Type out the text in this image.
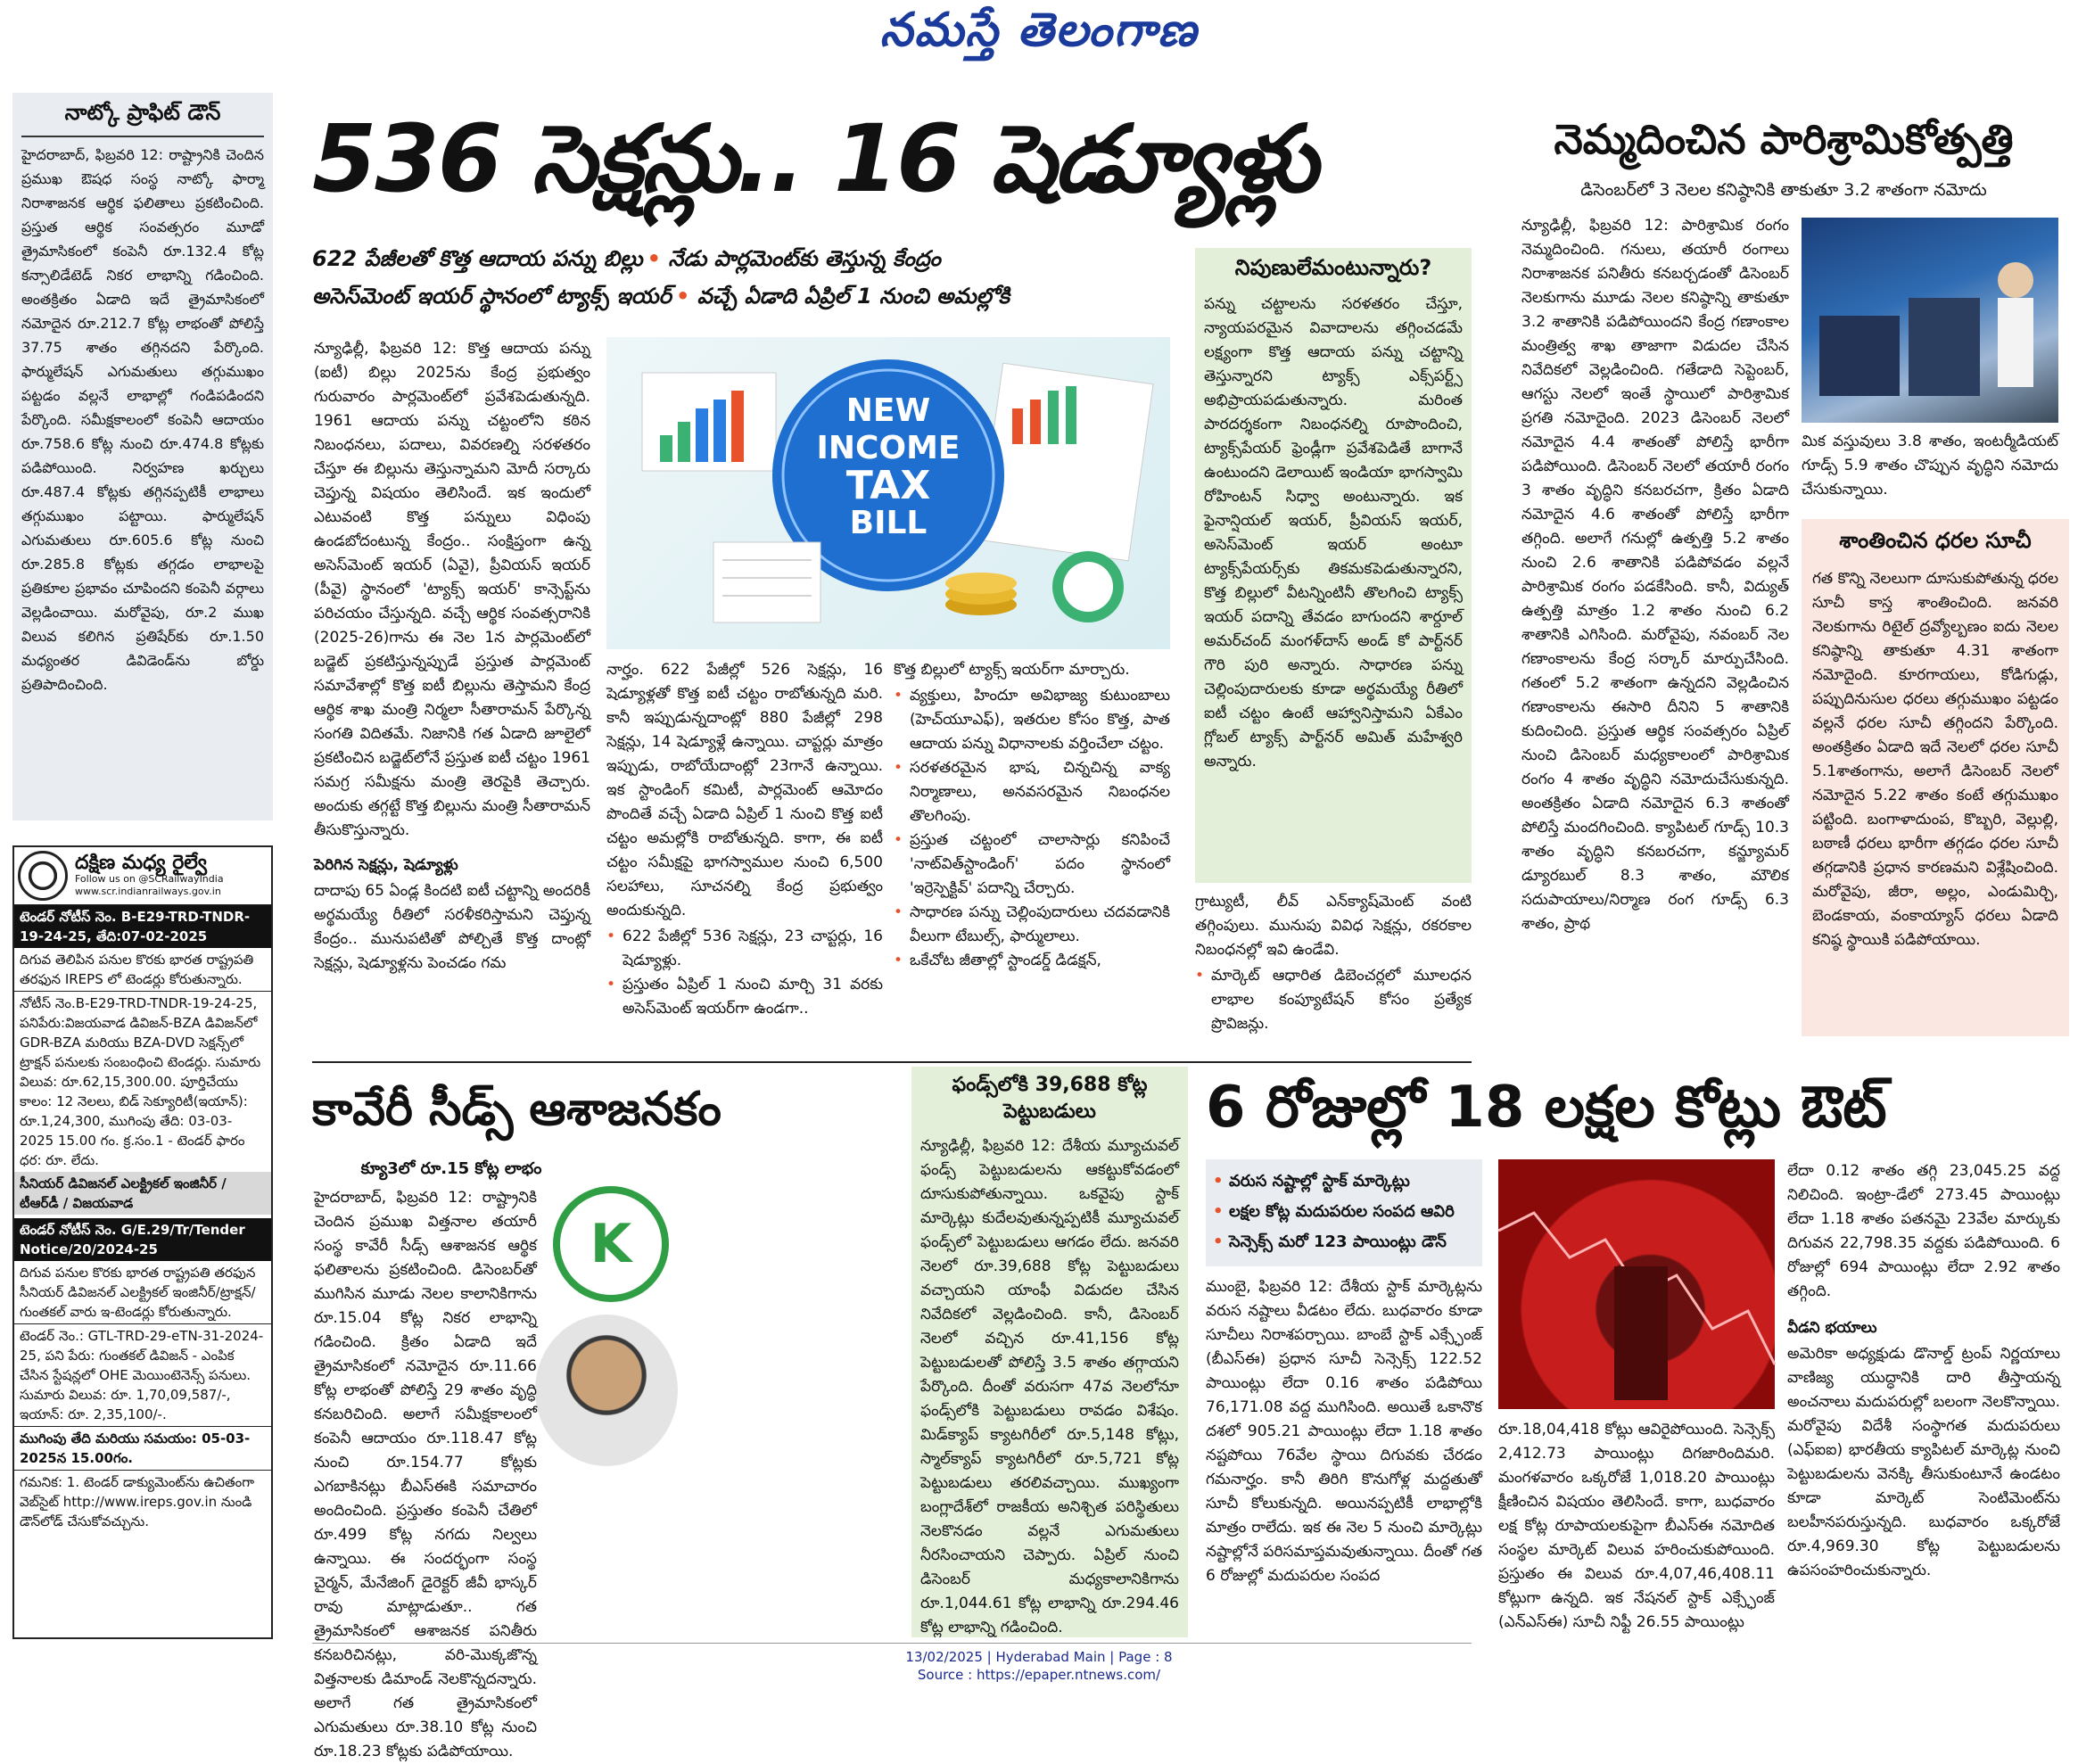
నమస్తే తెలంగాణ
నాట్కో ప్రాఫిట్ డౌన్
హైదరాబాద్, ఫిబ్రవరి 12: రాష్ట్రానికి చెందిన ప్రముఖ ఔషధ సంస్థ నాట్కో ఫార్మా నిరాశాజనక ఆర్థిక ఫలితాలు ప్రకటించింది. ప్రస్తుత ఆర్థిక సంవత్సరం మూడో త్రైమాసికంలో కంపెనీ రూ.132.4 కోట్ల కన్సాలిడేటెడ్ నికర లాభాన్ని గడించింది. అంతక్రితం ఏడాది ఇదే త్రైమాసికంలో నమోదైన రూ.212.7 కోట్ల లాభంతో పోలిస్తే 37.75 శాతం తగ్గినదని పేర్కొంది. ఫార్ములేషన్ ఎగుమతులు తగ్గుముఖం పట్టడం వల్లనే లాభాల్లో గండిపడిందని పేర్కొంది. సమీక్షకాలంలో కంపెనీ ఆదాయం రూ.758.6 కోట్ల నుంచి రూ.474.8 కోట్లకు పడిపోయింది. నిర్వహణ ఖర్చులు రూ.487.4 కోట్లకు తగ్గినప్పటికీ లాభాలు తగ్గుముఖం పట్టాయి. ఫార్ములేషన్ ఎగుమతులు రూ.605.6 కోట్ల నుంచి రూ.285.8 కోట్లకు తగ్గడం లాభాలపై ప్రతికూల ప్రభావం చూపిందని కంపెనీ వర్గాలు వెల్లడించాయి. మరోవైపు, రూ.2 ముఖ విలువ కలిగిన ప్రతిషేర్‌కు రూ.1.50 మధ్యంతర డివిడెండ్‌ను బోర్డు ప్రతిపాదించింది.
దక్షిణ మధ్య రైల్వే
Follow us on @SCRailwayIndia
www.scr.indianrailways.gov.in
టెండర్ నోటీస్ నెం. B-E29-TRD-TNDR-19-24-25, తేది:07-02-2025
దిగువ తెలిపిన పనుల కొరకు భారత రాష్ట్రపతి తరఫున IREPS లో టెండర్లు కోరుతున్నారు.
నోటీస్ నెం.B-E29-TRD-TNDR-19-24-25, పనిపేరు:విజయవాడ డివిజన్-BZA డివిజన్‌లో GDR-BZA మరియు BZA-DVD సెక్షన్స్‌లో ట్రాక్షన్ పనులకు సంబంధించి టెండర్లు. సుమారు విలువ: రూ.62,15,300.00. పూర్తిచేయు కాలం: 12 నెలలు, బిడ్ సెక్యూరిటీ(ఇయాన్): రూ.1,24,300, ముగింపు తేది: 03-03-2025 15.00 గం. క్ర.సం.1 - టెండర్ ఫారం ధర: రూ. లేదు.
సీనియర్ డివిజనల్ ఎలక్ట్రికల్ ఇంజినీర్ / టీఆర్‌డీ / విజయవాడ
టెండర్ నోటీస్ నెం. G/E.29/Tr/Tender Notice/20/2024-25
దిగువ పనుల కొరకు భారత రాష్ట్రపతి తరఫున సీనియర్ డివిజనల్ ఎలక్ట్రికల్ ఇంజినీర్/ట్రాక్షన్/గుంతకల్ వారు ఇ-టెండర్లు కోరుతున్నారు.
టెండర్ నెం.: GTL-TRD-29-eTN-31-2024-25, పని పేరు: గుంతకల్ డివిజన్ - ఎంపిక చేసిన స్టేషన్లలో OHE మెయింటెనెన్స్ పనులు. సుమారు విలువ: రూ. 1,70,09,587/-, ఇయాన్: రూ. 2,35,100/-.
ముగింపు తేది మరియు సమయం: 05-03-2025న 15.00గం.
గమనిక: 1. టెండర్ డాక్యుమెంట్‌ను ఉచితంగా వెబ్‌సైట్ http://www.ireps.gov.in నుండి డౌన్‌లోడ్ చేసుకోవచ్చును.
536 సెక్షన్లు.. 16 షెడ్యూళ్లు
622 పేజీలతో కొత్త ఆదాయ పన్ను బిల్లు • నేడు పార్లమెంట్‌కు తెస్తున్న కేంద్రం
అసెస్‌మెంట్ ఇయర్ స్థానంలో ట్యాక్స్ ఇయర్ • వచ్చే ఏడాది ఏప్రిల్ 1 నుంచి అమల్లోకి

న్యూఢిల్లీ, ఫిబ్రవరి 12: కొత్త ఆదాయ పన్ను (ఐటీ) బిల్లు 2025ను కేంద్ర ప్రభుత్వం గురువారం పార్లమెంట్‌లో ప్రవేశపెడుతున్నది. 1961 ఆదాయ పన్ను చట్టంలోని కఠిన నిబంధనలు, పదాలు, వివరణల్ని సరళతరం చేస్తూ ఈ బిల్లును తెస్తున్నామని మోదీ సర్కారు చెప్తున్న విషయం తెలిసిందే. ఇక ఇందులో ఎటువంటి కొత్త పన్నులు విధింపు ఉండబోదంటున్న కేంద్రం.. సంక్షిప్తంగా ఉన్న అసెస్‌మెంట్ ఇయర్ (ఏవై), ప్రీవియస్ ఇయర్ (పీవై) స్థానంలో 'ట్యాక్స్ ఇయర్' కాన్సెప్ట్‌ను పరిచయం చేస్తున్నది. వచ్చే ఆర్థిక సంవత్సరానికి (2025-26)గాను ఈ నెల 1న పార్లమెంట్‌లో బడ్జెట్ ప్రకటిస్తున్నప్పుడే ప్రస్తుత పార్లమెంట్ సమావేశాల్లో కొత్త ఐటీ బిల్లును తెస్తామని కేంద్ర ఆర్థిక శాఖ మంత్రి నిర్మలా సీతారామన్ పేర్కొన్న సంగతి విదితమే. నిజానికి గత ఏడాది జూలైలో ప్రకటించిన బడ్జెట్‌లోనే ప్రస్తుత ఐటీ చట్టం 1961 సమగ్ర సమీక్షను మంత్రి తెరపైకి తెచ్చారు. అందుకు తగ్గట్టే కొత్త బిల్లును మంత్రి సీతారామన్ తీసుకొస్తున్నారు.

పెరిగిన సెక్షన్లు, షెడ్యూళ్లు

దాదాపు 65 ఏండ్ల కిందటి ఐటీ చట్టాన్ని అందరికీ అర్థమయ్యే రీతిలో సరళీకరిస్తామని చెప్తున్న కేంద్రం.. మునుపటితో పోల్చితే కొత్త దాంట్లో సెక్షన్లు, షెడ్యూళ్లను పెంచడం గమ

NEW
INCOME
TAX
BILL

నార్హం. 622 పేజీల్లో 526 సెక్షన్లు, 16 షెడ్యూళ్లతో కొత్త ఐటీ చట్టం రాబోతున్నది మరి. కానీ ఇప్పుడున్నదాంట్లో 880 పేజీల్లో 298 సెక్షన్లు, 14 షెడ్యూళ్లే ఉన్నాయి. చాప్టర్లు మాత్రం ఇప్పుడు, రాబోయేదాంట్లో 23గానే ఉన్నాయి. ఇక స్టాండింగ్ కమిటీ, పార్లమెంట్ ఆమోదం పొందితే వచ్చే ఏడాది ఏప్రిల్ 1 నుంచి కొత్త ఐటీ చట్టం అమల్లోకి రాబోతున్నది. కాగా, ఈ ఐటీ చట్టం సమీక్షపై భాగస్వాముల నుంచి 6,500 సలహాలు, సూచనల్ని కేంద్ర ప్రభుత్వం అందుకున్నది.

• 622 పేజీల్లో 536 సెక్షన్లు, 23 చాప్టర్లు, 16 షెడ్యూళ్లు.
• ప్రస్తుతం ఏప్రిల్ 1 నుంచి మార్చి 31 వరకు అసెస్‌మెంట్ ఇయర్‌గా ఉండగా..

కొత్త బిల్లులో ట్యాక్స్ ఇయర్‌గా మార్చారు.

• వ్యక్తులు, హిందూ అవిభాజ్య కుటుంబాలు (హెచ్‌యూఎఫ్), ఇతరుల కోసం కొత్త, పాత ఆదాయ పన్ను విధానాలకు వర్తించేలా చట్టం.
• సరళతరమైన భాష, చిన్నచిన్న వాక్య నిర్మాణాలు, అనవసరమైన నిబంధనల తొలగింపు.
• ప్రస్తుత చట్టంలో చాలాసార్లు కనిపించే 'నాట్‌విత్‌స్టాండింగ్' పదం స్థానంలో 'ఇర్రెస్పెక్టివ్' పదాన్ని చేర్చారు.
• సాధారణ పన్ను చెల్లింపుదారులు చదవడానికి వీలుగా టేబుల్స్, ఫార్ములాలు.
• ఒకేచోట జీతాల్లో స్టాండర్డ్ డిడక్షన్,
నిపుణులేమంటున్నారు?
పన్ను చట్టాలను సరళతరం చేస్తూ, న్యాయపరమైన వివాదాలను తగ్గించడమే లక్ష్యంగా కొత్త ఆదాయ పన్ను చట్టాన్ని తెస్తున్నారని ట్యాక్స్ ఎక్స్‌పర్ట్స్ అభిప్రాయపడుతున్నారు. మరింత పారదర్శకంగా నిబంధనల్ని రూపొందించి, ట్యాక్స్‌పేయర్ ఫ్రెండ్లీగా ప్రవేశపెడితే బాగానే ఉంటుందని డెలాయిట్ ఇండియా భాగస్వామి రోహింటన్ సిధ్వా అంటున్నారు. ఇక ఫైనాన్షియల్ ఇయర్, ప్రీవియస్ ఇయర్, అసెస్‌మెంట్ ఇయర్ అంటూ ట్యాక్స్‌పేయర్స్‌కు తికమకపెడుతున్నారని, కొత్త బిల్లులో వీటన్నింటినీ తొలగించి ట్యాక్స్ ఇయర్ పదాన్ని తేవడం బాగుందని శార్దూల్ అమర్‌చంద్ మంగళ్‌దాస్ అండ్ కో పార్ట్‌నర్ గౌరి పురి అన్నారు. సాధారణ పన్ను చెల్లింపుదారులకు కూడా అర్థమయ్యే రీతిలో ఐటీ చట్టం ఉంటే ఆహ్వానిస్తామని ఏకేఎం గ్లోబల్ ట్యాక్స్ పార్ట్‌నర్ అమిత్ మహేశ్వరి అన్నారు.

గ్రాట్యుటీ, లీవ్ ఎన్‌క్యాష్‌మెంట్ వంటి తగ్గింపులు. మునుపు వివిధ సెక్షన్లు, రకరకాల నిబంధనల్లో ఇవి ఉండేవి.

• మార్కెట్ ఆధారిత డిబెంచర్లలో మూలధన లాభాల కంప్యూటేషన్ కోసం ప్రత్యేక ప్రొవిజన్లు.
నెమ్మదించిన పారిశ్రామికోత్పత్తి
డిసెంబర్‌లో 3 నెలల కనిష్ఠానికి తాకుతూ 3.2 శాతంగా నమోదు
న్యూఢిల్లీ, ఫిబ్రవరి 12: పారిశ్రామిక రంగం నెమ్మదించింది. గనులు, తయారీ రంగాలు నిరాశాజనక పనితీరు కనబర్చడంతో డిసెంబర్ నెలకుగాను మూడు నెలల కనిష్ఠాన్ని తాకుతూ 3.2 శాతానికి పడిపోయిందని కేంద్ర గణాంకాల మంత్రిత్వ శాఖ తాజాగా విడుదల చేసిన నివేదికలో వెల్లడించింది. గతేడాది సెప్టెంబర్, ఆగస్టు నెలలో ఇంతే స్థాయిలో పారిశ్రామిక ప్రగతి నమోదైంది. 2023 డిసెంబర్ నెలలో నమోదైన 4.4 శాతంతో పోలిస్తే భారీగా పడిపోయింది. డిసెంబర్ నెలలో తయారీ రంగం 3 శాతం వృద్ధిని కనబరచగా, క్రితం ఏడాది నమోదైన 4.6 శాతంతో పోలిస్తే భారీగా తగ్గింది. అలాగే గనుల్లో ఉత్పత్తి 5.2 శాతం నుంచి 2.6 శాతానికి పడిపోవడం వల్లనే పారిశ్రామిక రంగం పడకేసింది. కానీ, విద్యుత్ ఉత్పత్తి మాత్రం 1.2 శాతం నుంచి 6.2 శాతానికి ఎగిసింది. మరోవైపు, నవంబర్ నెల గణాంకాలను కేంద్ర సర్కార్ మార్పుచేసింది. గతంలో 5.2 శాతంగా ఉన్నదని వెల్లడించిన గణాంకాలను ఈసారి దీనిని 5 శాతానికి కుదించింది. ప్రస్తుత ఆర్థిక సంవత్సరం ఏప్రిల్ నుంచి డిసెంబర్ మధ్యకాలంలో పారిశ్రామిక రంగం 4 శాతం వృద్ధిని నమోదుచేసుకున్నది. అంతక్రితం ఏడాది నమోదైన 6.3 శాతంతో పోలిస్తే మందగించింది. క్యాపిటల్ గూడ్స్ 10.3 శాతం వృద్ధిని కనబరచగా, కన్జ్యూమర్ డ్యూరబుల్ 8.3 శాతం, మౌలిక సదుపాయాలు/నిర్మాణ రంగ గూడ్స్ 6.3 శాతం, ప్రాథ
మిక వస్తువులు 3.8 శాతం, ఇంటర్మీడియట్ గూడ్స్ 5.9 శాతం చొప్పున వృద్ధిని నమోదు చేసుకున్నాయి.
శాంతించిన ధరల సూచీ
గత కొన్ని నెలలుగా దూసుకుపోతున్న ధరల సూచీ కాస్త శాంతించింది. జనవరి నెలకుగాను రిటైల్ ద్రవ్యోల్బణం ఐదు నెలల కనిష్ఠాన్ని తాకుతూ 4.31 శాతంగా నమోదైంది. కూరగాయలు, కోడిగుడ్లు, పప్పుదినుసుల ధరలు తగ్గుముఖం పట్టడం వల్లనే ధరల సూచీ తగ్గిందని పేర్కొంది. అంతక్రితం ఏడాది ఇదే నెలలో ధరల సూచీ 5.1శాతంగాను, అలాగే డిసెంబర్ నెలలో నమోదైన 5.22 శాతం కంటే తగ్గుముఖం పట్టింది. బంగాళాదుంప, కొబ్బరి, వెల్లుల్లి, బఠాణీ ధరలు భారీగా తగ్గడం ధరల సూచీ తగ్గడానికి ప్రధాన కారణమని విశ్లేషించింది. మరోవైపు, జీరా, అల్లం, ఎండుమిర్చి, బెండకాయ, వంకాయ్యాస్ ధరలు ఏడాది కనిష్ఠ స్థాయికి పడిపోయాయి.
కావేరీ సీడ్స్ ఆశాజనకం
క్యూ3లో రూ.15 కోట్ల లాభం
K
హైదరాబాద్, ఫిబ్రవరి 12: రాష్ట్రానికి చెందిన ప్రముఖ విత్తనాల తయారీ సంస్థ కావేరీ సీడ్స్ ఆశాజనక ఆర్థిక ఫలితాలను ప్రకటించింది. డిసెంబర్‌తో ముగిసిన మూడు నెలల కాలానికిగాను రూ.15.04 కోట్ల నికర లాభాన్ని గడించింది. క్రితం ఏడాది ఇదే త్రైమాసికంలో నమోదైన రూ.11.66 కోట్ల లాభంతో పోలిస్తే 29 శాతం వృద్ధి కనబరిచింది. అలాగే సమీక్షకాలంలో కంపెనీ ఆదాయం రూ.118.47 కోట్ల నుంచి రూ.154.77 కోట్లకు ఎగబాకినట్లు బీఎస్‌ఈకి సమాచారం అందించింది. ప్రస్తుతం కంపెనీ చేతిలో రూ.499 కోట్ల నగదు నిల్వలు ఉన్నాయి. ఈ సందర్భంగా సంస్థ చైర్మన్, మేనేజింగ్ డైరెక్టర్ జీవీ భాస్కర్ రావు మాట్లాడుతూ.. గత త్రైమాసికంలో ఆశాజనక పనితీరు కనబరిచినట్లు, వరి-మొక్కజొన్న విత్తనాలకు డిమాండ్ నెలకొన్నదన్నారు. అలాగే గత త్రైమాసికంలో ఎగుమతులు రూ.38.10 కోట్ల నుంచి రూ.18.23 కోట్లకు పడిపోయాయి.
ఫండ్స్‌లోకి 39,688 కోట్ల పెట్టుబడులు
న్యూఢిల్లీ, ఫిబ్రవరి 12: దేశీయ మ్యూచువల్ ఫండ్స్ పెట్టుబడులను ఆకట్టుకోవడంలో దూసుకుపోతున్నాయి. ఒకవైపు స్టాక్ మార్కెట్లు కుదేలవుతున్నప్పటికీ మ్యూచువల్ ఫండ్స్‌లో పెట్టుబడులు ఆగడం లేదు. జనవరి నెలలో రూ.39,688 కోట్ల పెట్టుబడులు వచ్చాయని యాంఫీ విడుదల చేసిన నివేదికలో వెల్లడించింది. కానీ, డిసెంబర్ నెలలో వచ్చిన రూ.41,156 కోట్ల పెట్టుబడులతో పోలిస్తే 3.5 శాతం తగ్గాయని పేర్కొంది. దీంతో వరుసగా 47వ నెలలోనూ ఫండ్స్‌లోకి పెట్టుబడులు రావడం విశేషం. మిడ్‌క్యాప్ క్యాటగిరీలో రూ.5,148 కోట్లు, స్మాల్‌క్యాప్ క్యాటగిరీలో రూ.5,721 కోట్ల పెట్టుబడులు తరలివచ్చాయి. ముఖ్యంగా బంగ్లాదేశ్‌లో రాజకీయ అనిశ్చిత పరిస్థితులు నెలకొనడం వల్లనే ఎగుమతులు నీరసించాయని చెప్పారు. ఏప్రిల్ నుంచి డిసెంబర్ మధ్యకాలానికిగాను రూ.1,044.61 కోట్ల లాభాన్ని రూ.294.46 కోట్ల లాభాన్ని గడించింది.
6 రోజుల్లో 18 లక్షల కోట్లు ఔట్
• వరుస నష్టాల్లో స్టాక్ మార్కెట్లు
• లక్షల కోట్ల మదుపరుల సంపద ఆవిరి
• సెన్సెక్స్ మరో 123 పాయింట్లు డౌన్
ముంబై, ఫిబ్రవరి 12: దేశీయ స్టాక్ మార్కెట్లను వరుస నష్టాలు వీడటం లేదు. బుధవారం కూడా సూచీలు నిరాశపర్చాయి. బాంబే స్టాక్ ఎక్స్ఛేంజ్ (బీఎస్‌ఈ) ప్రధాన సూచీ సెన్సెక్స్ 122.52 పాయింట్లు లేదా 0.16 శాతం పడిపోయి 76,171.08 వద్ద ముగిసింది. అయితే ఒకానొక దశలో 905.21 పాయింట్లు లేదా 1.18 శాతం నష్టపోయి 76వేల స్థాయి దిగువకు చేరడం గమనార్హం. కానీ తిరిగి కొనుగోళ్ల మద్దతుతో సూచీ కోలుకున్నది. అయినప్పటికీ లాభాల్లోకి మాత్రం రాలేదు. ఇక ఈ నెల 5 నుంచి మార్కెట్లు నష్టాల్లోనే పరిసమాప్తమవుతున్నాయి. దీంతో గత 6 రోజుల్లో మదుపరుల సంపద
రూ.18,04,418 కోట్లు ఆవిరైపోయింది. సెన్సెక్స్ 2,412.73 పాయింట్లు దిగజారిందిమరి. మంగళవారం ఒక్కరోజే 1,018.20 పాయింట్లు క్షీణించిన విషయం తెలిసిందే. కాగా, బుధవారం లక్ష కోట్ల రూపాయలకుపైగా బీఎస్‌ఈ నమోదిత సంస్థల మార్కెట్ విలువ హరించుకుపోయింది. ప్రస్తుతం ఈ విలువ రూ.4,07,46,408.11 కోట్లుగా ఉన్నది. ఇక నేషనల్ స్టాక్ ఎక్స్ఛేంజ్ (ఎన్‌ఎస్‌ఈ) సూచీ నిఫ్టీ 26.55 పాయింట్లు

లేదా 0.12 శాతం తగ్గి 23,045.25 వద్ద నిలిచింది. ఇంట్రా-డేలో 273.45 పాయింట్లు లేదా 1.18 శాతం పతనమై 23వేల మార్కుకు దిగువన 22,798.35 వద్దకు పడిపోయింది. 6 రోజుల్లో 694 పాయింట్లు లేదా 2.92 శాతం తగ్గింది.

వీడని భయాలు

అమెరికా అధ్యక్షుడు డొనాల్డ్ ట్రంప్ నిర్ణయాలు వాణిజ్య యుద్ధానికి దారి తీస్తాయన్న అంచనాలు మదుపరుల్లో బలంగా నెలకొన్నాయి. మరోవైపు విదేశీ సంస్థాగత మదుపరులు (ఎఫ్‌ఐఐ) భారతీయ క్యాపిటల్ మార్కెట్ల నుంచి పెట్టుబడులను వెనక్కి తీసుకుంటూనే ఉండటం కూడా మార్కెట్ సెంటిమెంట్‌ను బలహీనపరుస్తున్నది. బుధవారం ఒక్కరోజే రూ.4,969.30 కోట్ల పెట్టుబడులను ఉపసంహరించుకున్నారు.

13/02/2025 | Hyderabad Main | Page : 8
Source : https://epaper.ntnews.com/
